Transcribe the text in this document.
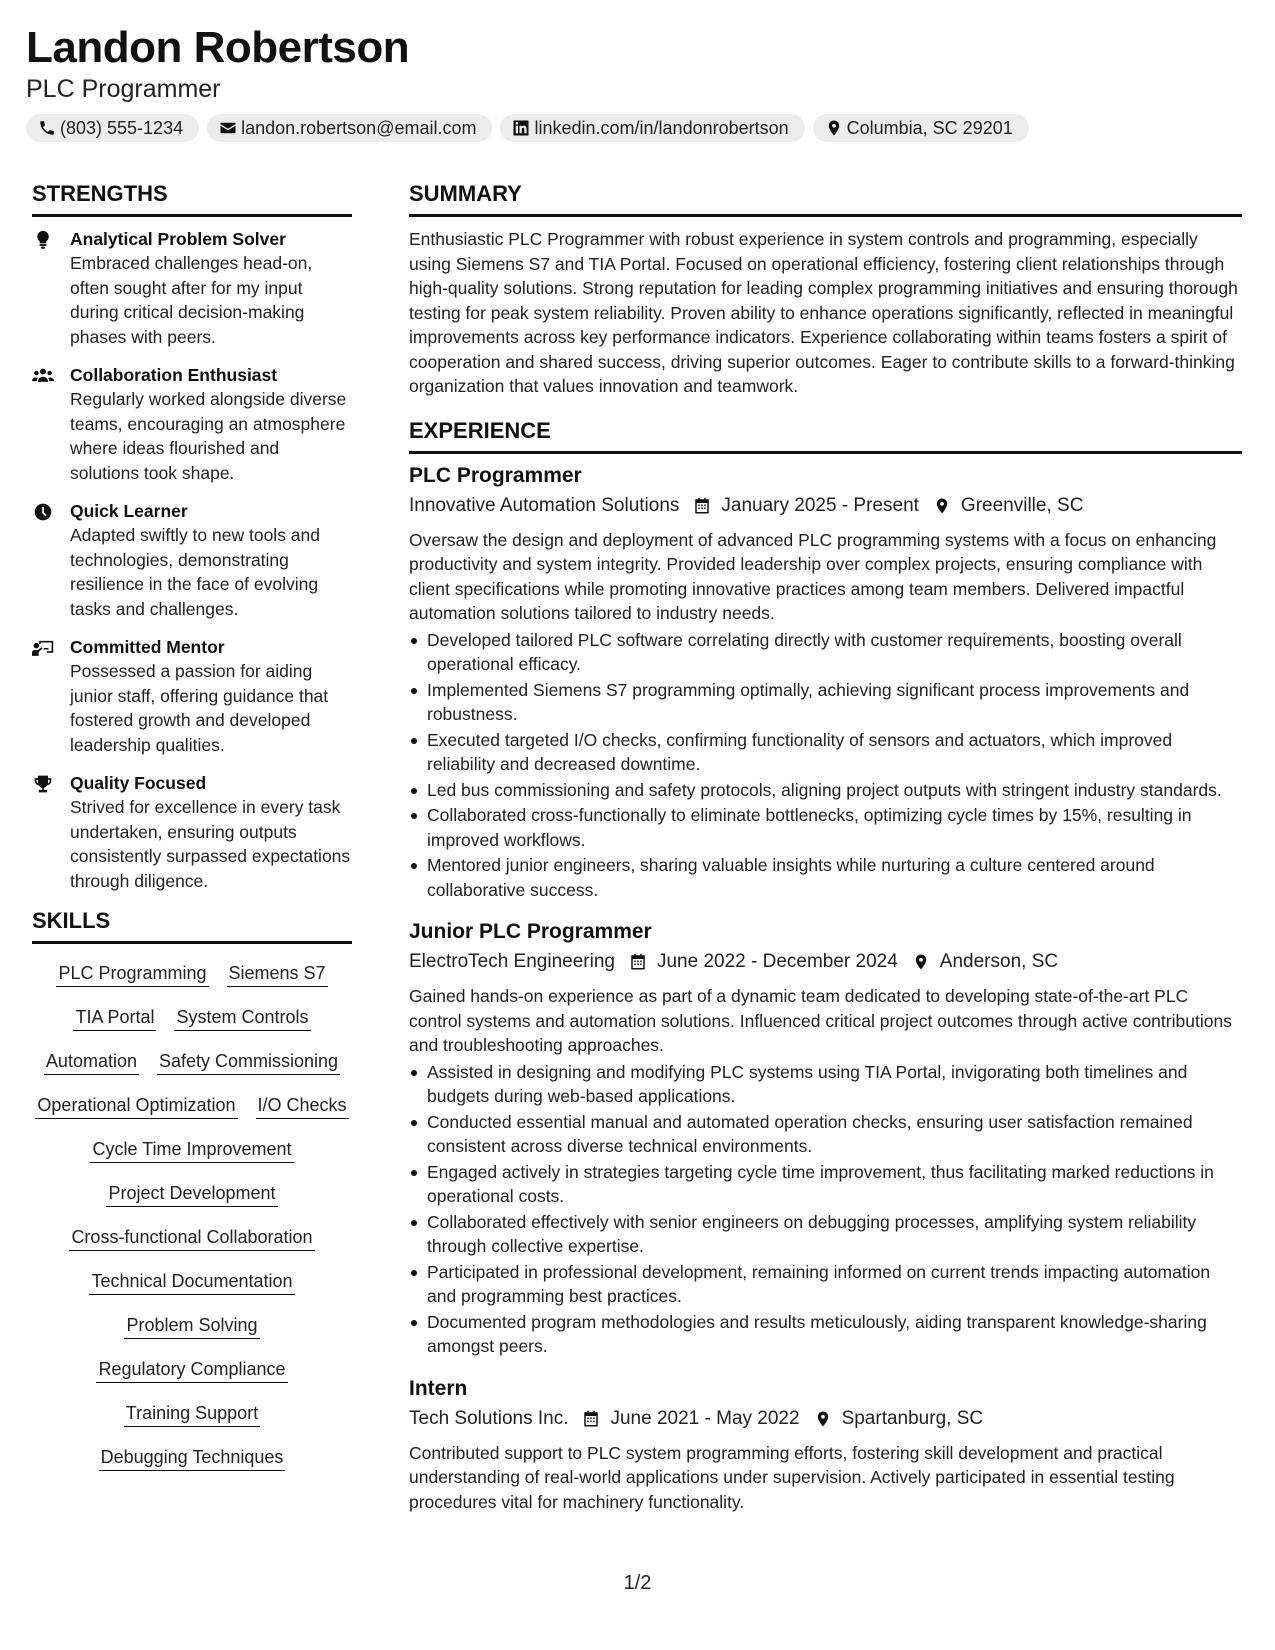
Landon Robertson
PLC Programmer
(803) 555-1234	landon.robertson@email.com	linkedin.com/in/landonrobertson	Columbia, SC 29201
STRENGTHS
Analytical Problem Solver
Embraced challenges head-on, often sought after for my input during critical decision-making phases with peers.
Collaboration Enthusiast
Regularly worked alongside diverse teams, encouraging an atmosphere where ideas flourished and solutions took shape.
Quick Learner
Adapted swiftly to new tools and technologies, demonstrating resilience in the face of evolving tasks and challenges.
Committed Mentor
Possessed a passion for aiding junior staff, offering guidance that fostered growth and developed leadership qualities.
Quality Focused
Strived for excellence in every task undertaken, ensuring outputs consistently surpassed expectations through diligence.
SKILLS
PLC Programming Siemens S7
TIA Portal System Controls
Automation Safety Commissioning
Operational Optimization I/O Checks
Cycle Time Improvement
Project Development
Cross-functional Collaboration
Technical Documentation
Problem Solving
Regulatory Compliance
Training Support
Debugging Techniques
SUMMARY
Enthusiastic PLC Programmer with robust experience in system controls and programming, especially using Siemens S7 and TIA Portal. Focused on operational efficiency, fostering client relationships through high-quality solutions. Strong reputation for leading complex programming initiatives and ensuring thorough testing for peak system reliability. Proven ability to enhance operations significantly, reflected in meaningful improvements across key performance indicators. Experience collaborating within teams fosters a spirit of cooperation and shared success, driving superior outcomes. Eager to contribute skills to a forward-thinking organization that values innovation and teamwork.
EXPERIENCE
PLC Programmer
Innovative Automation Solutions January 2025 - Present Greenville, SC
Oversaw the design and deployment of advanced PLC programming systems with a focus on enhancing productivity and system integrity. Provided leadership over complex projects, ensuring compliance with client specifications while promoting innovative practices among team members. Delivered impactful automation solutions tailored to industry needs.
Developed tailored PLC software correlating directly with customer requirements, boosting overall operational efficacy.
Implemented Siemens S7 programming optimally, achieving significant process improvements and robustness.
Executed targeted I/O checks, confirming functionality of sensors and actuators, which improved reliability and decreased downtime.
Led bus commissioning and safety protocols, aligning project outputs with stringent industry standards.
Collaborated cross-functionally to eliminate bottlenecks, optimizing cycle times by 15%, resulting in improved workflows.
Mentored junior engineers, sharing valuable insights while nurturing a culture centered around collaborative success.
Junior PLC Programmer
ElectroTech Engineering June 2022 - December 2024 Anderson, SC
Gained hands-on experience as part of a dynamic team dedicated to developing state-of-the-art PLC control systems and automation solutions. Influenced critical project outcomes through active contributions and troubleshooting approaches.
Assisted in designing and modifying PLC systems using TIA Portal, invigorating both timelines and budgets during web-based applications.
Conducted essential manual and automated operation checks, ensuring user satisfaction remained consistent across diverse technical environments.
Engaged actively in strategies targeting cycle time improvement, thus facilitating marked reductions in operational costs.
Collaborated effectively with senior engineers on debugging processes, amplifying system reliability through collective expertise.
Participated in professional development, remaining informed on current trends impacting automation and programming best practices.
Documented program methodologies and results meticulously, aiding transparent knowledge-sharing amongst peers.
Intern
Tech Solutions Inc. June 2021 - May 2022 Spartanburg, SC
Contributed support to PLC system programming efforts, fostering skill development and practical understanding of real-world applications under supervision. Actively participated in essential testing procedures vital for machinery functionality.
1/2
